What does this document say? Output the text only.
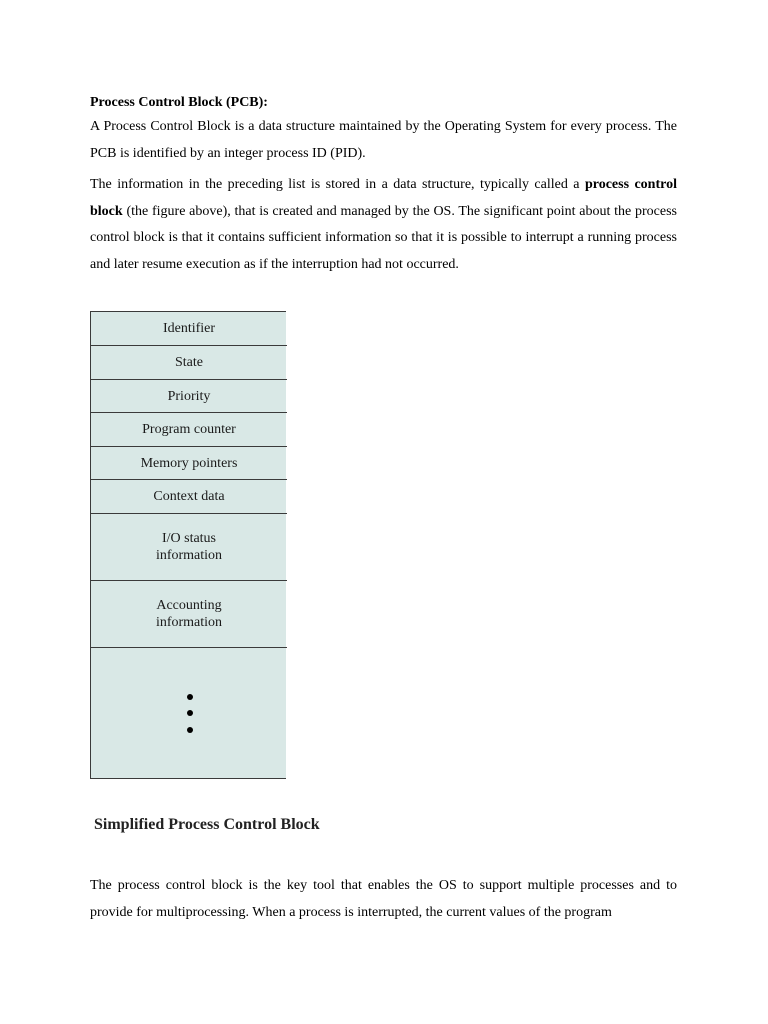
Process Control Block (PCB):

A Process Control Block is a data structure maintained by the Operating System for every process. The PCB is identified by an integer process ID (PID).

The information in the preceding list is stored in a data structure, typically called a process control block (the figure above), that is created and managed by the OS. The significant point about the process control block is that it contains sufficient information so that it is possible to interrupt a running process and later resume execution as if the interruption had not occurred.

Identifier
State
Priority
Program counter
Memory pointers
Context data
I/O status
information
Accounting
information

Simplified Process Control Block

The process control block is the key tool that enables the OS to support multiple processes and to provide for multiprocessing. When a process is interrupted, the current values of the program
